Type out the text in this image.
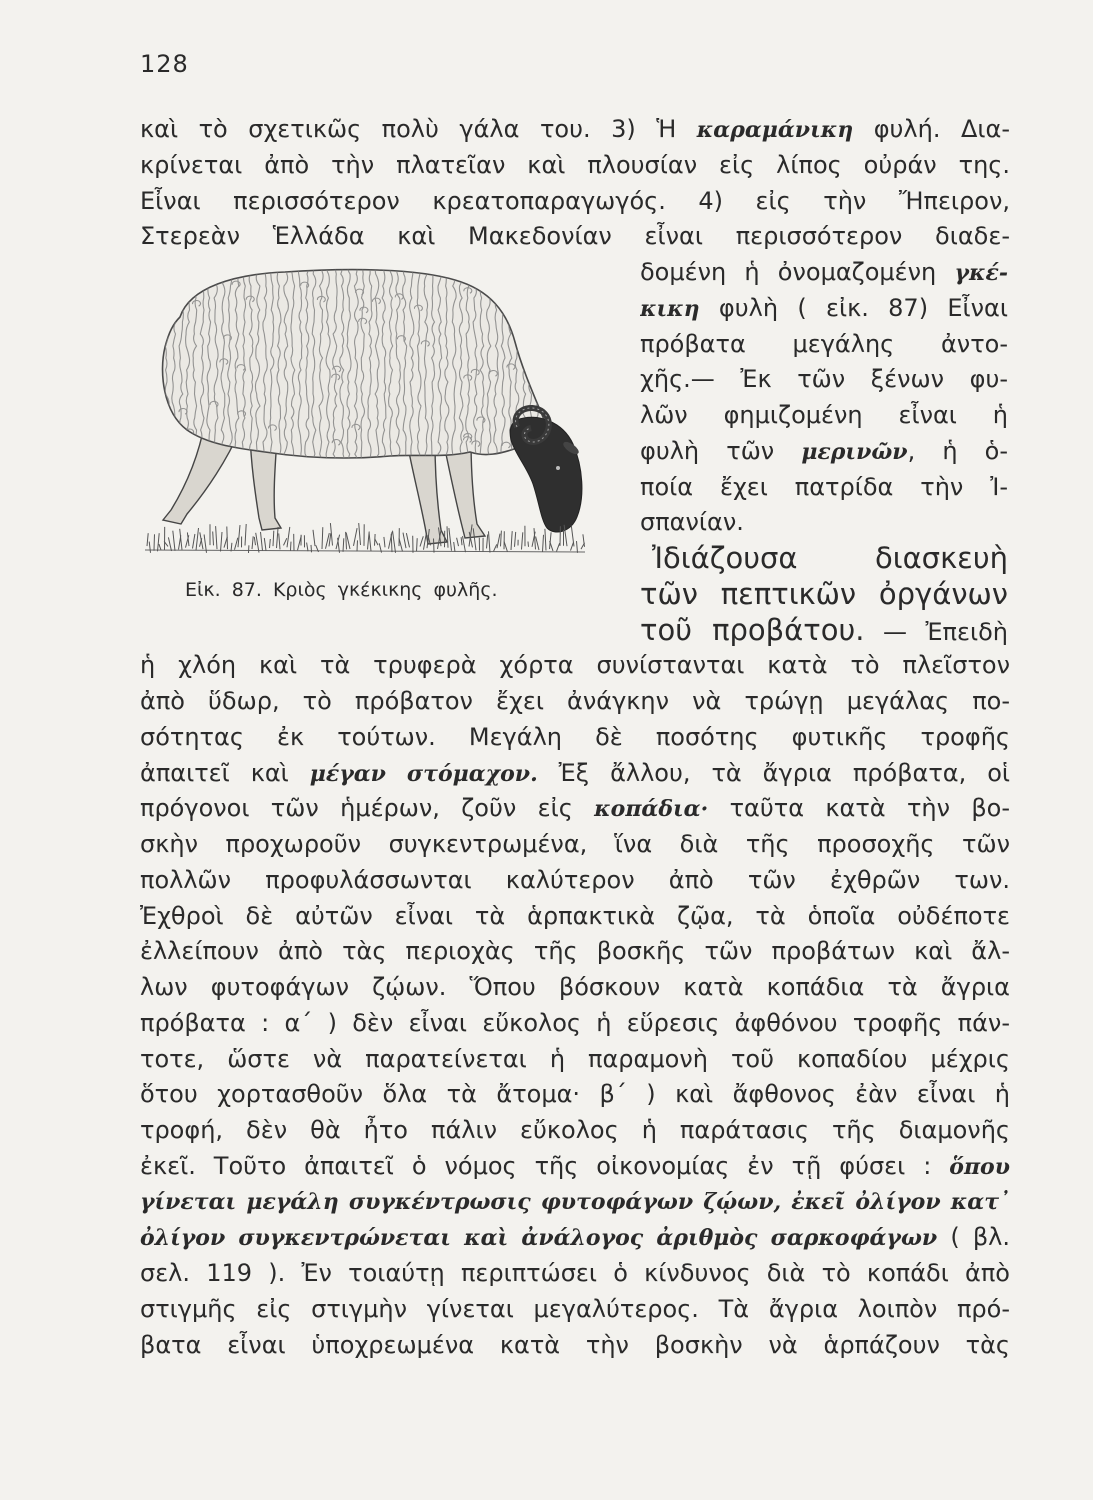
128
Εἰκ. 87. Κριὸς γκέκικης φυλῆς.
καὶ τὸ σχετικῶς πολὺ γάλα του. 3) Ἡ καραμάνικη φυλή. Δια-
κρίνεται ἀπὸ τὴν πλατεῖαν καὶ πλουσίαν εἰς λίπος οὐράν της.
Εἶναι περισσότερον κρεατοπαραγωγός. 4) εἰς τὴν Ἤπειρον,
Στερεὰν Ἑλλάδα καὶ Μακεδονίαν εἶναι περισσότερον διαδε-
δομένη ἡ ὀνομαζομένη γκέ-
κικη φυλὴ ( εἰκ. 87) Εἶναι
πρόβατα μεγάλης ἀντο-
χῆς.— Ἐκ τῶν ξένων φυ-
λῶν φημιζομένη εἶναι ἡ
φυλὴ τῶν μερινῶν, ἡ ὁ-
ποία ἔχει πατρίδα τὴν Ἰ-
σπανίαν.
Ἰδιάζουσα διασκευὴ
τῶν πεπτικῶν ὀργάνων
τοῦ προβάτου. — Ἐπειδὴ
ἡ χλόη καὶ τὰ τρυφερὰ χόρτα συνίστανται κατὰ τὸ πλεῖστον
ἀπὸ ὕδωρ, τὸ πρόβατον ἔχει ἀνάγκην νὰ τρώγῃ μεγάλας πο-
σότητας ἐκ τούτων. Μεγάλη δὲ ποσότης φυτικῆς τροφῆς
ἀπαιτεῖ καὶ μέγαν στόμαχον. Ἐξ ἄλλου, τὰ ἄγρια πρόβατα, οἱ
πρόγονοι τῶν ἡμέρων, ζοῦν εἰς κοπάδια· ταῦτα κατὰ τὴν βο-
σκὴν προχωροῦν συγκεντρωμένα, ἵνα διὰ τῆς προσοχῆς τῶν
πολλῶν προφυλάσσωνται καλύτερον ἀπὸ τῶν ἐχθρῶν των.
Ἐχθροὶ δὲ αὐτῶν εἶναι τὰ ἁρπακτικὰ ζῷα, τὰ ὁποῖα οὐδέποτε
ἐλλείπουν ἀπὸ τὰς περιοχὰς τῆς βοσκῆς τῶν προβάτων καὶ ἄλ-
λων φυτοφάγων ζῴων. Ὅπου βόσκουν κατὰ κοπάδια τὰ ἄγρια
πρόβατα : α΄ ) δὲν εἶναι εὔκολος ἡ εὕρεσις ἀφθόνου τροφῆς πάν-
τοτε, ὥστε νὰ παρατείνεται ἡ παραμονὴ τοῦ κοπαδίου μέχρις
ὅτου χορτασθοῦν ὅλα τὰ ἄτομα· β΄ ) καὶ ἄφθονος ἐὰν εἶναι ἡ
τροφή, δὲν θὰ ἦτο πάλιν εὔκολος ἡ παράτασις τῆς διαμονῆς
ἐκεῖ. Τοῦτο ἀπαιτεῖ ὁ νόμος τῆς οἰκονομίας ἐν τῇ φύσει : ὅπου
γίνεται μεγάλη συγκέντρωσις φυτοφάγων ζῴων, ἐκεῖ ὀλίγον κατ᾽
ὀλίγον συγκεντρώνεται καὶ ἀνάλογος ἀριθμὸς σαρκοφάγων ( βλ.
σελ. 119 ). Ἐν τοιαύτῃ περιπτώσει ὁ κίνδυνος διὰ τὸ κοπάδι ἀπὸ
στιγμῆς εἰς στιγμὴν γίνεται μεγαλύτερος. Τὰ ἄγρια λοιπὸν πρό-
βατα εἶναι ὑποχρεωμένα κατὰ τὴν βοσκὴν νὰ ἁρπάζουν τὰς
